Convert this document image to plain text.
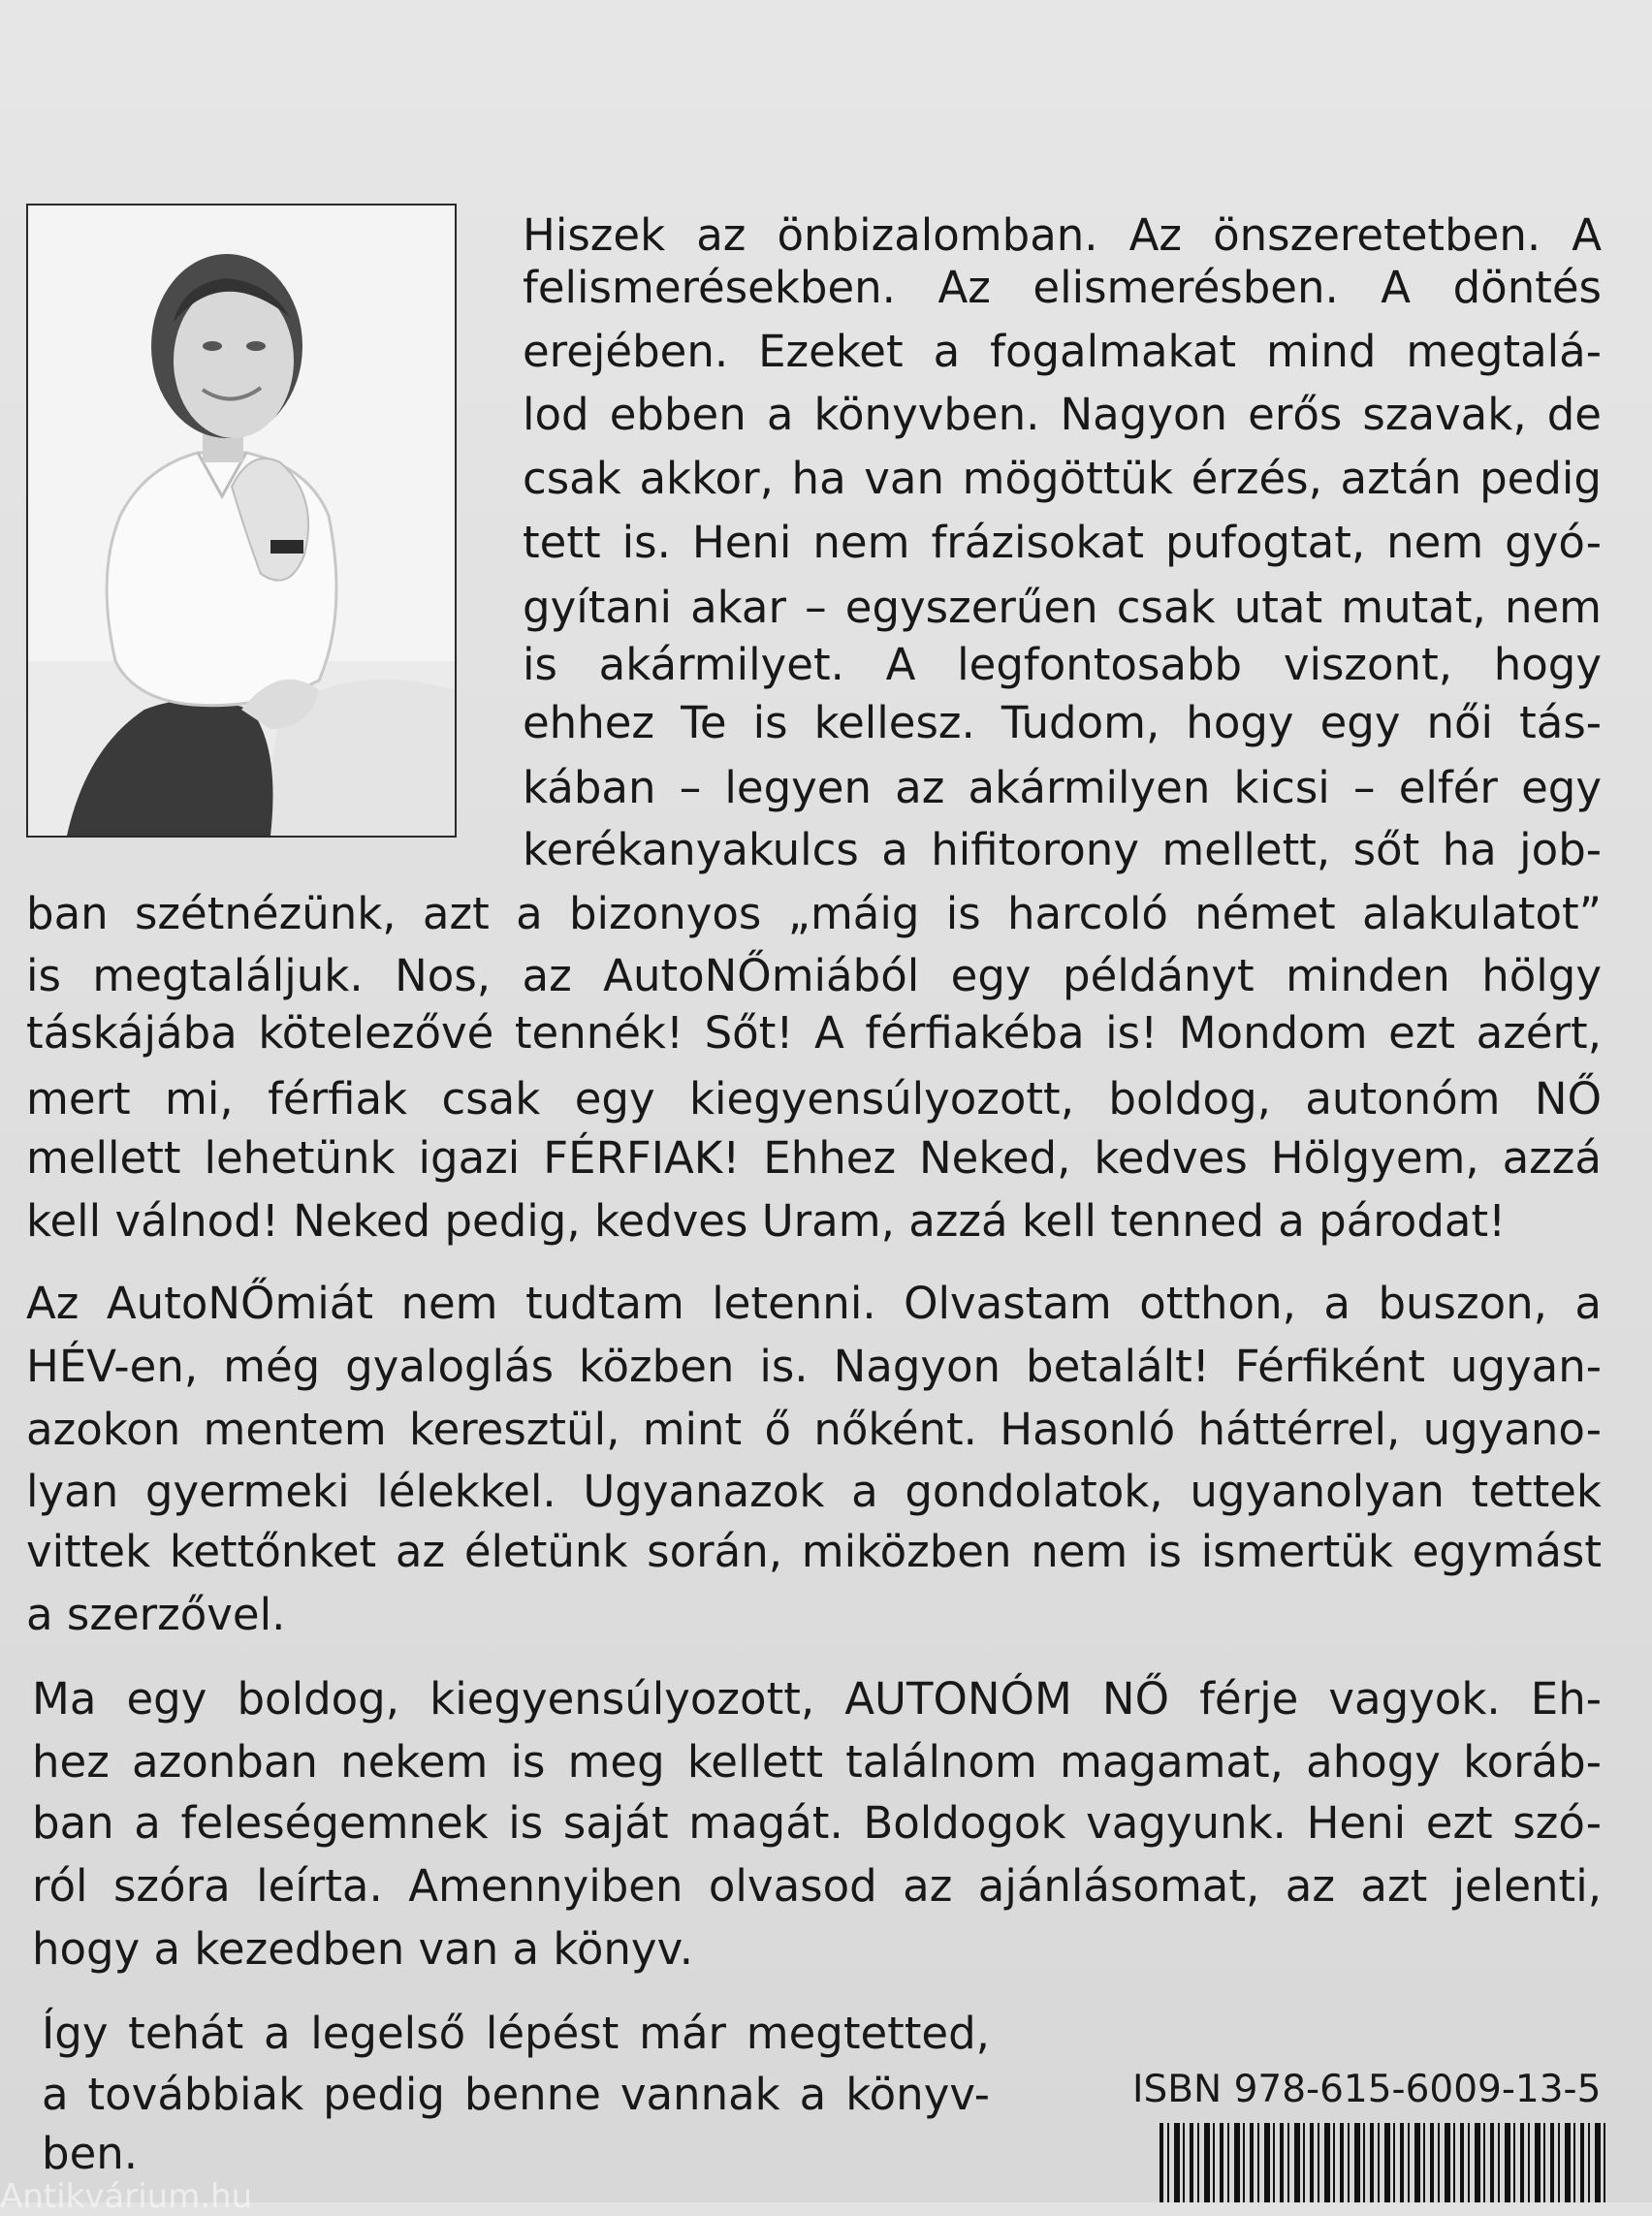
Hiszek az önbizalomban. Az önszeretetben. A

felismerésekben. Az elismerésben. A döntés

erejében. Ezeket a fogalmakat mind megtalá-

lod ebben a könyvben. Nagyon erős szavak, de

csak akkor, ha van mögöttük érzés, aztán pedig

tett is. Heni nem frázisokat pufogtat, nem gyó-

gyítani akar – egyszerűen csak utat mutat, nem

is akármilyet. A legfontosabb viszont, hogy

ehhez Te is kellesz. Tudom, hogy egy női tás-

kában – legyen az akármilyen kicsi – elfér egy

kerékanyakulcs a hifitorony mellett, sőt ha job-

ban szétnézünk, azt a bizonyos „máig is harcoló német alakulatot”

is megtaláljuk. Nos, az AutoNŐmiából egy példányt minden hölgy

táskájába kötelezővé tennék! Sőt! A férfiakéba is! Mondom ezt azért,

mert mi, férfiak csak egy kiegyensúlyozott, boldog, autonóm NŐ

mellett lehetünk igazi FÉRFIAK! Ehhez Neked, kedves Hölgyem, azzá

kell válnod! Neked pedig, kedves Uram, azzá kell tenned a párodat!

Az AutoNŐmiát nem tudtam letenni. Olvastam otthon, a buszon, a

HÉV-en, még gyaloglás közben is. Nagyon betalált! Férfiként ugyan-

azokon mentem keresztül, mint ő nőként. Hasonló háttérrel, ugyano-

lyan gyermeki lélekkel. Ugyanazok a gondolatok, ugyanolyan tettek

vittek kettőnket az életünk során, miközben nem is ismertük egymást

a szerzővel.

Ma egy boldog, kiegyensúlyozott, AUTONÓM NŐ férje vagyok. Eh-

hez azonban nekem is meg kellett találnom magamat, ahogy koráb-

ban a feleségemnek is saját magát. Boldogok vagyunk. Heni ezt szó-

ról szóra leírta. Amennyiben olvasod az ajánlásomat, az azt jelenti,

hogy a kezedben van a könyv.

Így tehát a legelső lépést már megtetted,

a továbbiak pedig benne vannak a könyv-

ben.

ISBN 978-615-6009-13-5
Antikvárium.hu
